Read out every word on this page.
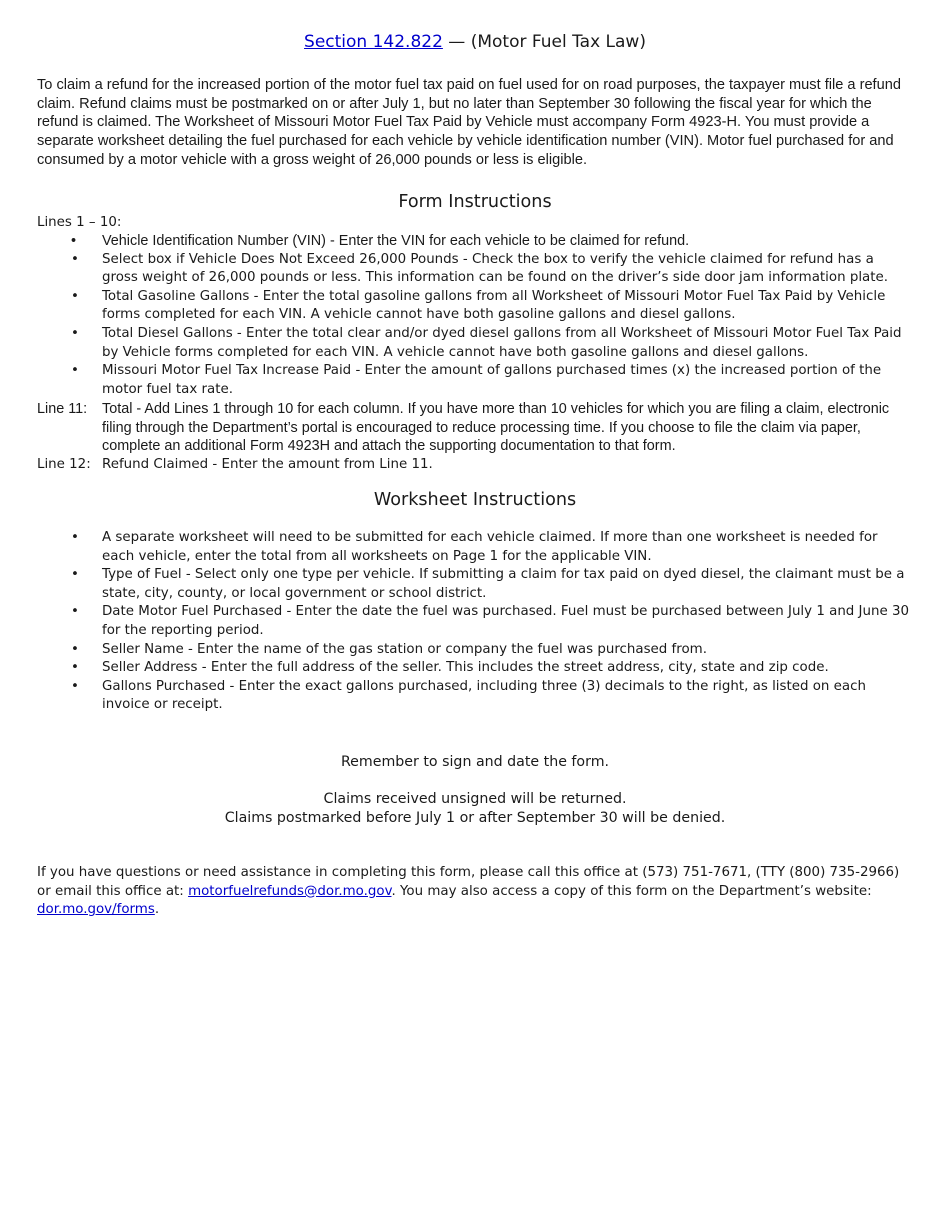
Section 142.822 — (Motor Fuel Tax Law)
To claim a refund for the increased portion of the motor fuel tax paid on fuel used for on road purposes, the taxpayer must file a refund claim. Refund claims must be postmarked on or after July 1, but no later than September 30 following the fiscal year for which the refund is claimed. The Worksheet of Missouri Motor Fuel Tax Paid by Vehicle must accompany Form 4923-H. You must provide a separate worksheet detailing the fuel purchased for each vehicle by vehicle identification number (VIN). Motor fuel purchased for and consumed by a motor vehicle with a gross weight of 26,000 pounds or less is eligible.
Form Instructions
Lines 1 – 10:
• Vehicle Identification Number (VIN) - Enter the VIN for each vehicle to be claimed for refund.
• Select box if Vehicle Does Not Exceed 26,000 Pounds - Check the box to verify the vehicle claimed for refund has a gross weight of 26,000 pounds or less. This information can be found on the driver’s side door jam information plate.
• Total Gasoline Gallons - Enter the total gasoline gallons from all Worksheet of Missouri Motor Fuel Tax Paid by Vehicle forms completed for each VIN. A vehicle cannot have both gasoline gallons and diesel gallons.
• Total Diesel Gallons - Enter the total clear and/or dyed diesel gallons from all Worksheet of Missouri Motor Fuel Tax Paid by Vehicle forms completed for each VIN. A vehicle cannot have both gasoline gallons and diesel gallons.
• Missouri Motor Fuel Tax Increase Paid - Enter the amount of gallons purchased times (x) the increased portion of the motor fuel tax rate.
Line 11: Total - Add Lines 1 through 10 for each column. If you have more than 10 vehicles for which you are filing a claim, electronic filing through the Department’s portal is encouraged to reduce processing time. If you choose to file the claim via paper, complete an additional Form 4923H and attach the supporting documentation to that form.
Line 12: Refund Claimed - Enter the amount from Line 11.
Worksheet Instructions
• A separate worksheet will need to be submitted for each vehicle claimed. If more than one worksheet is needed for each vehicle, enter the total from all worksheets on Page 1 for the applicable VIN.
• Type of Fuel - Select only one type per vehicle. If submitting a claim for tax paid on dyed diesel, the claimant must be a state, city, county, or local government or school district.
• Date Motor Fuel Purchased - Enter the date the fuel was purchased. Fuel must be purchased between July 1 and June 30 for the reporting period.
• Seller Name - Enter the name of the gas station or company the fuel was purchased from.
• Seller Address - Enter the full address of the seller. This includes the street address, city, state and zip code.
• Gallons Purchased - Enter the exact gallons purchased, including three (3) decimals to the right, as listed on each invoice or receipt.
Remember to sign and date the form.
Claims received unsigned will be returned.
Claims postmarked before July 1 or after September 30 will be denied.
If you have questions or need assistance in completing this form, please call this office at (573) 751-7671, (TTY (800) 735-2966) or email this office at: motorfuelrefunds@dor.mo.gov. You may also access a copy of this form on the Department’s website: dor.mo.gov/forms.
